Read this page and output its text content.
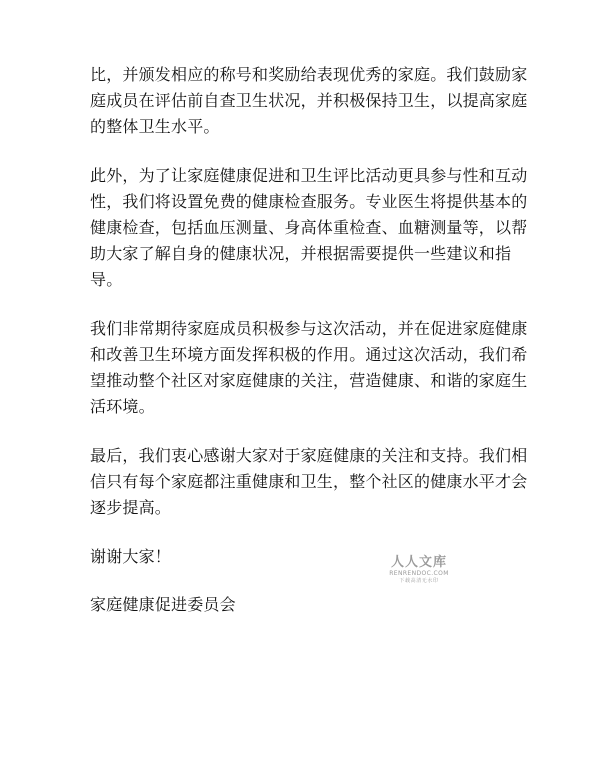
比，并颁发相应的称号和奖励给表现优秀的家庭。我们鼓励家庭成员在评估前自查卫生状况，并积极保持卫生，以提高家庭的整体卫生水平。

此外，为了让家庭健康促进和卫生评比活动更具参与性和互动性，我们将设置免费的健康检查服务。专业医生将提供基本的健康检查，包括血压测量、身高体重检查、血糖测量等，以帮助大家了解自身的健康状况，并根据需要提供一些建议和指导。

我们非常期待家庭成员积极参与这次活动，并在促进家庭健康和改善卫生环境方面发挥积极的作用。通过这次活动，我们希望推动整个社区对家庭健康的关注，营造健康、和谐的家庭生活环境。

最后，我们衷心感谢大家对于家庭健康的关注和支持。我们相信只有每个家庭都注重健康和卫生，整个社区的健康水平才会逐步提高。

谢谢大家！

家庭健康促进委员会

人人文库
RENRENDOC.COM
下载高清无水印
